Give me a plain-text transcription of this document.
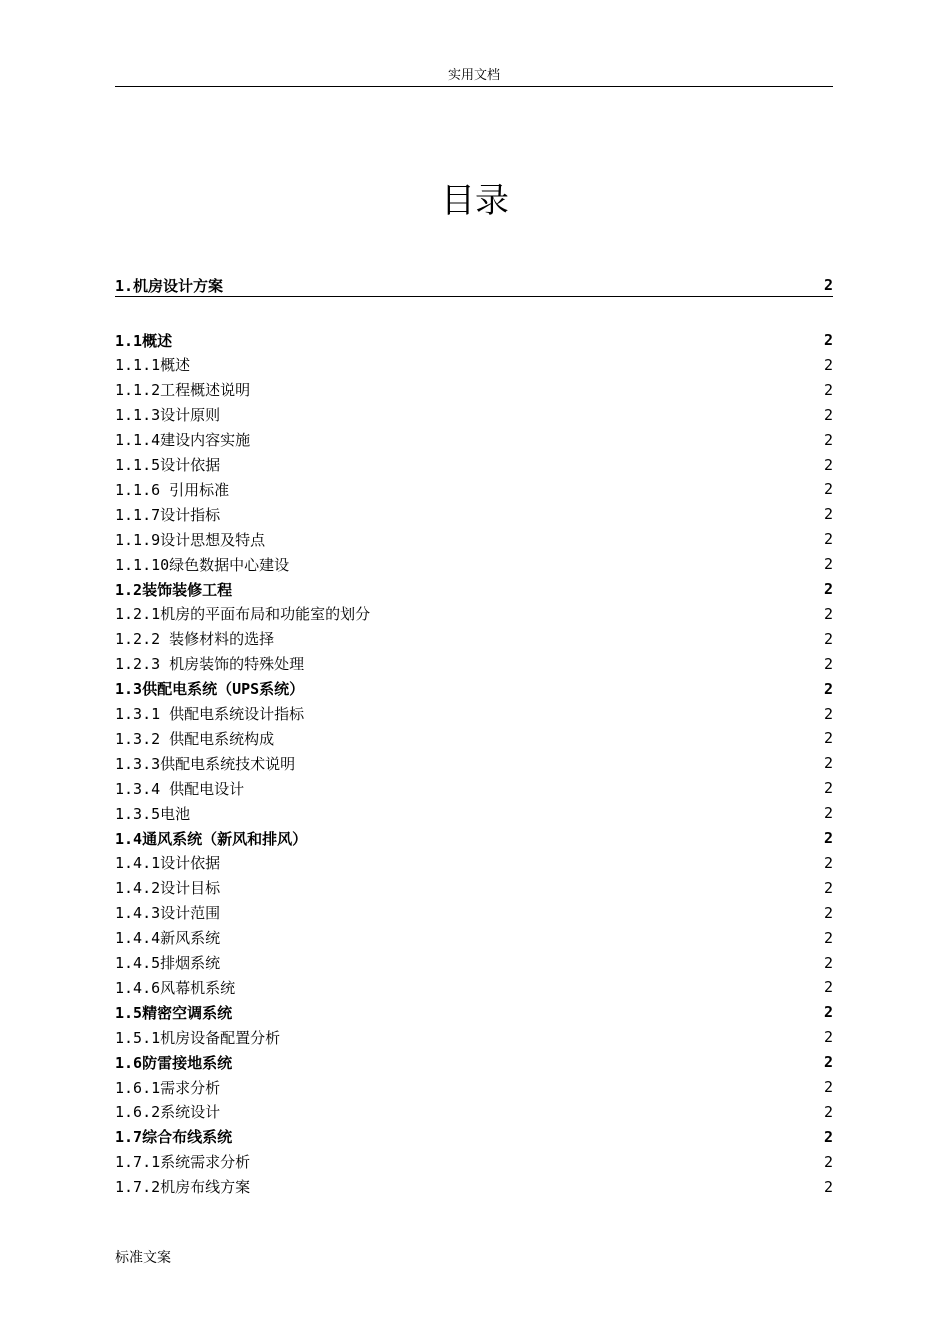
实用文档
目录
1.机房设计方案	2
1.1概述	2
1.1.1概述	2
1.1.2工程概述说明	2
1.1.3设计原则	2
1.1.4建设内容实施	2
1.1.5设计依据	2
1.1.6 引用标准	2
1.1.7设计指标	2
1.1.9设计思想及特点	2
1.1.10绿色数据中心建设	2
1.2装饰装修工程	2
1.2.1机房的平面布局和功能室的划分	2
1.2.2 装修材料的选择	2
1.2.3 机房装饰的特殊处理	2
1.3供配电系统（UPS系统）	2
1.3.1 供配电系统设计指标	2
1.3.2 供配电系统构成	2
1.3.3供配电系统技术说明	2
1.3.4 供配电设计	2
1.3.5电池	2
1.4通风系统（新风和排风）	2
1.4.1设计依据	2
1.4.2设计目标	2
1.4.3设计范围	2
1.4.4新风系统	2
1.4.5排烟系统	2
1.4.6风幕机系统	2
1.5精密空调系统	2
1.5.1机房设备配置分析	2
1.6防雷接地系统	2
1.6.1需求分析	2
1.6.2系统设计	2
1.7综合布线系统	2
1.7.1系统需求分析	2
1.7.2机房布线方案	2
标准文案
